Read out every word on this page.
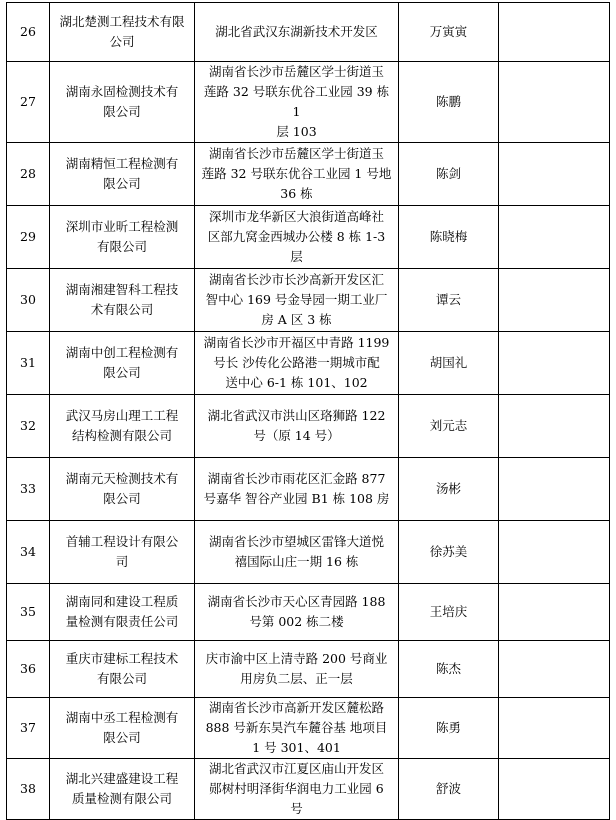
26	湖北楚测工程技术有限
公司	湖北省武汉东湖新技术开发区	万寅寅	
27	湖南永固检测技术有
限公司	湖南省长沙市岳麓区学士街道玉
莲路 32 号联东优谷工业园 39 栋 1
层 103	陈鹏	
28	湖南精恒工程检测有
限公司	湖南省长沙市岳麓区学士街道玉
莲路 32 号联东优谷工业园 1 号地
36 栋	陈剑	
29	深圳市业昕工程检测
有限公司	深圳市龙华新区大浪街道高峰社
区部九窝金西城办公楼 8 栋 1-3
层	陈晓梅	
30	湖南湘建智科工程技
术有限公司	湖南省长沙市长沙高新开发区汇
智中心 169 号金导园一期工业厂
房 A 区 3 栋	谭云	
31	湖南中创工程检测有
限公司	湖南省长沙市开福区中青路 1199
号长 沙传化公路港一期城市配
送中心 6-1 栋 101、102	胡国礼	
32	武汉马房山理工工程
结构检测有限公司	湖北省武汉市洪山区珞狮路 122
号（原 14 号）	刘元志	
33	湖南元天检测技术有
限公司	湖南省长沙市雨花区汇金路 877
号嘉华 智谷产业园 B1 栋 108 房	汤彬	
34	首辅工程设计有限公
司	湖南省长沙市望城区雷锋大道悦
禧国际山庄一期 16 栋	徐苏美	
35	湖南同和建设工程质
量检测有限责任公司	湖南省长沙市天心区青园路 188
号第 002 栋二楼	王培庆	
36	重庆市建标工程技术
有限公司	庆市渝中区上清寺路 200 号商业
用房负二层、正一层	陈杰	
37	湖南中丞工程检测有
限公司	湖南省长沙市高新开发区麓松路
888 号新东昊汽车麓谷基 地项目
1 号 301、401	陈勇	
38	湖北兴建盛建设工程
质量检测有限公司	湖北省武汉市江夏区庙山开发区
郧树村明泽街华润电力工业园 6
号	舒波	
